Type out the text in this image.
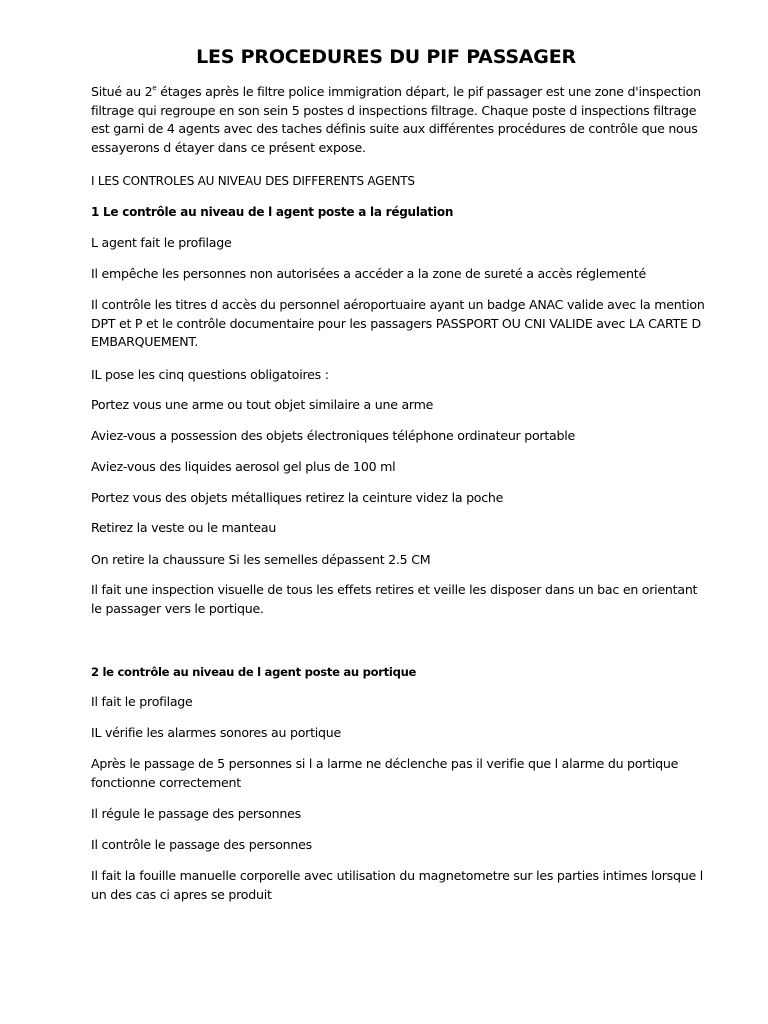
LES PROCEDURES DU PIF PASSAGER

Situé au 2e étages après le filtre police immigration départ, le pif passager est une zone d'inspection
filtrage qui regroupe en son sein 5 postes d inspections filtrage. Chaque poste d inspections filtrage
est garni de 4 agents avec des taches définis suite aux différentes procédures de contrôle que nous
essayerons d étayer dans ce présent expose.

I LES CONTROLES AU NIVEAU DES DIFFERENTS AGENTS

1 Le contrôle au niveau de l agent poste a la régulation

L agent fait le profilage

Il empêche les personnes non autorisées a accéder a la zone de sureté a accès réglementé

Il contrôle les titres d accès du personnel aéroportuaire ayant un badge ANAC valide avec la mention
DPT et P et le contrôle documentaire pour les passagers PASSPORT OU CNI VALIDE avec LA CARTE D
EMBARQUEMENT.

IL pose les cinq questions obligatoires :

Portez vous une arme ou tout objet similaire a une arme

Aviez-vous a possession des objets électroniques téléphone ordinateur portable

Aviez-vous des liquides aerosol gel plus de 100 ml

Portez vous des objets métalliques retirez la ceinture videz la poche

Retirez la veste ou le manteau

On retire la chaussure Si les semelles dépassent 2.5 CM

Il fait une inspection visuelle de tous les effets retires et veille les disposer dans un bac en orientant
le passager vers le portique.

2 le contrôle au niveau de l agent poste au portique

Il fait le profilage

IL vérifie les alarmes sonores au portique

Après le passage de 5 personnes si l a larme ne déclenche pas il verifie que l alarme du portique
fonctionne correctement

Il régule le passage des personnes

Il contrôle le passage des personnes

Il fait la fouille manuelle corporelle avec utilisation du magnetometre sur les parties intimes lorsque l
un des cas ci apres se produit
